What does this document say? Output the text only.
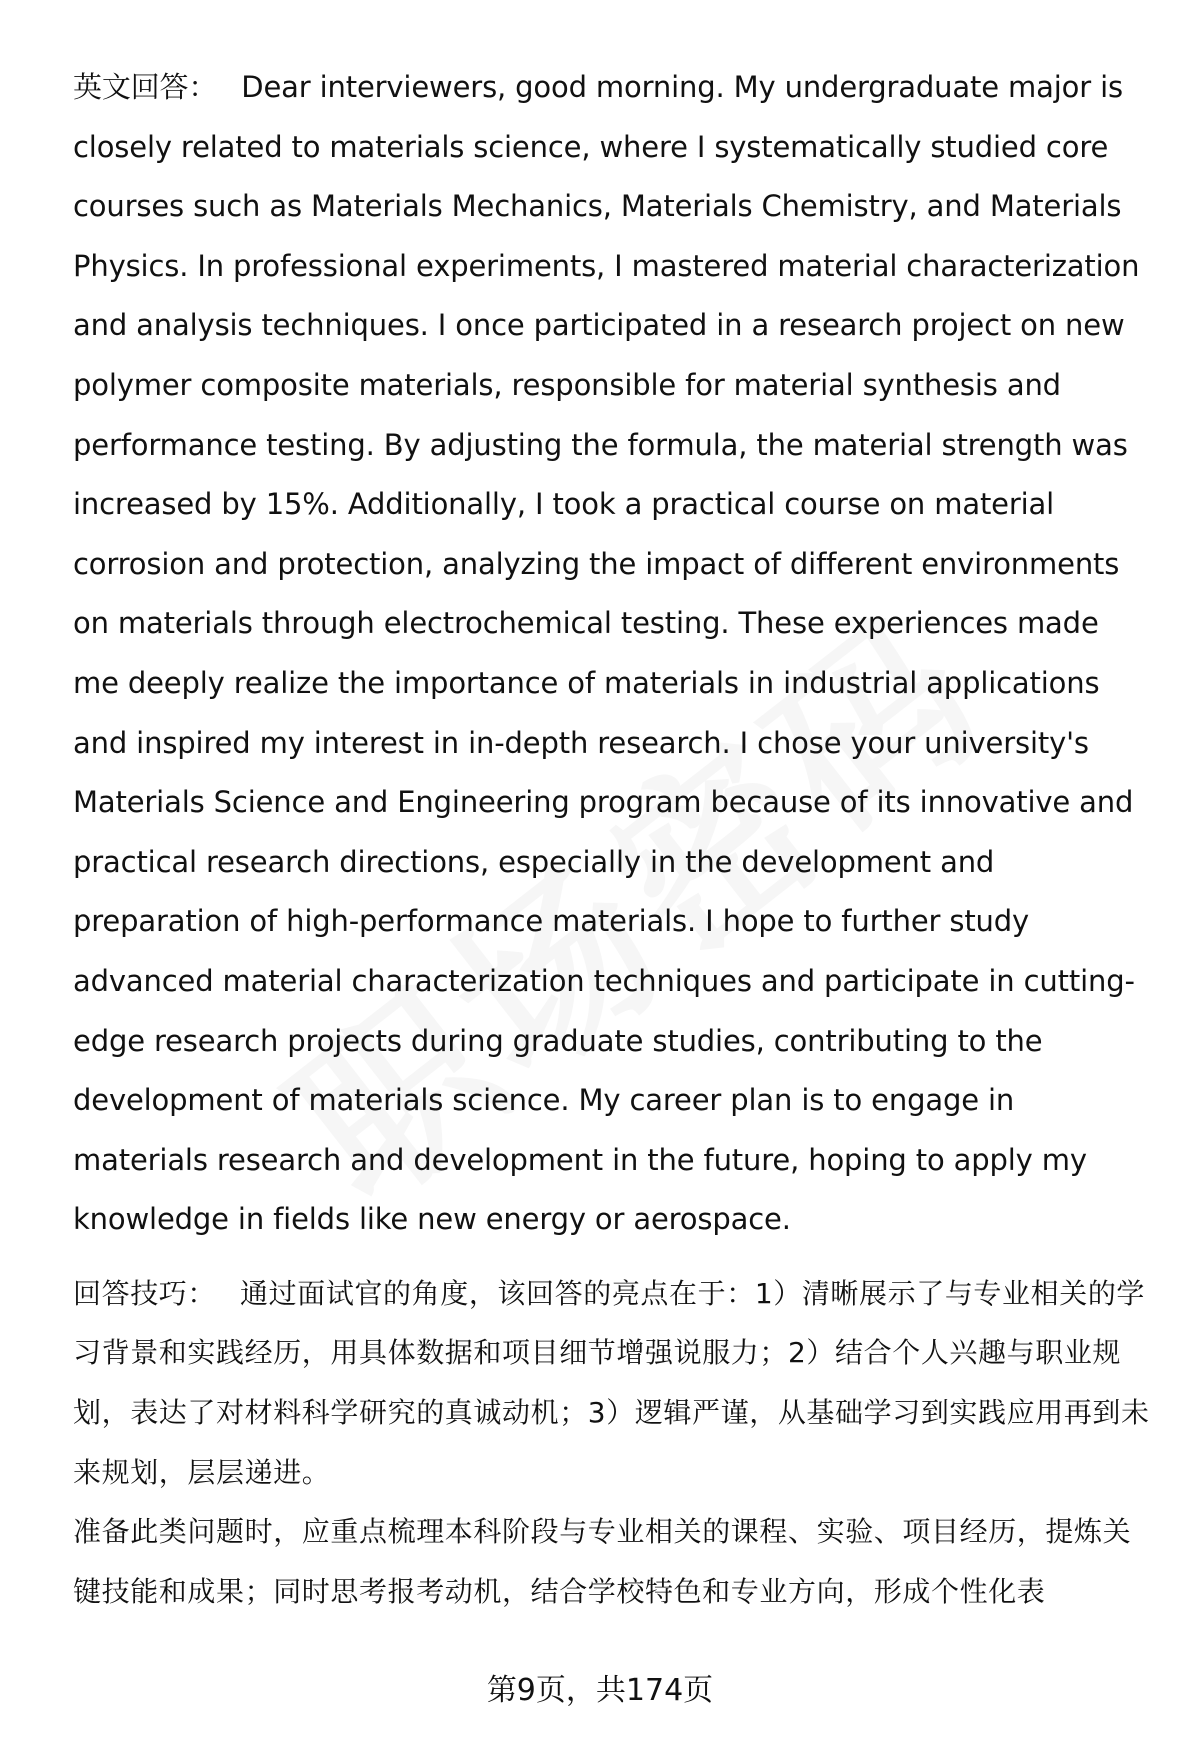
英文回答： Dear interviewers, good morning. My undergraduate major is closely related to materials science, where I systematically studied core courses such as Materials Mechanics, Materials Chemistry, and Materials Physics. In professional experiments, I mastered material characterization and analysis techniques. I once participated in a research project on new polymer composite materials, responsible for material synthesis and performance testing. By adjusting the formula, the material strength was increased by 15%. Additionally, I took a practical course on material corrosion and protection, analyzing the impact of different environments on materials through electrochemical testing. These experiences made me deeply realize the importance of materials in industrial applications and inspired my interest in in-depth research. I chose your university's Materials Science and Engineering program because of its innovative and practical research directions, especially in the development and preparation of high-performance materials. I hope to further study advanced material characterization techniques and participate in cutting-edge research projects during graduate studies, contributing to the development of materials science. My career plan is to engage in materials research and development in the future, hoping to apply my knowledge in fields like new energy or aerospace.

回答技巧： 通过面试官的角度，该回答的亮点在于：1）清晰展示了与专业相关的学习背景和实践经历，用具体数据和项目细节增强说服力；2）结合个人兴趣与职业规划，表达了对材料科学研究的真诚动机；3）逻辑严谨，从基础学习到实践应用再到未来规划，层层递进。

准备此类问题时，应重点梳理本科阶段与专业相关的课程、实验、项目经历，提炼关键技能和成果；同时思考报考动机，结合学校特色和专业方向，形成个性化表

第9页，共174页
